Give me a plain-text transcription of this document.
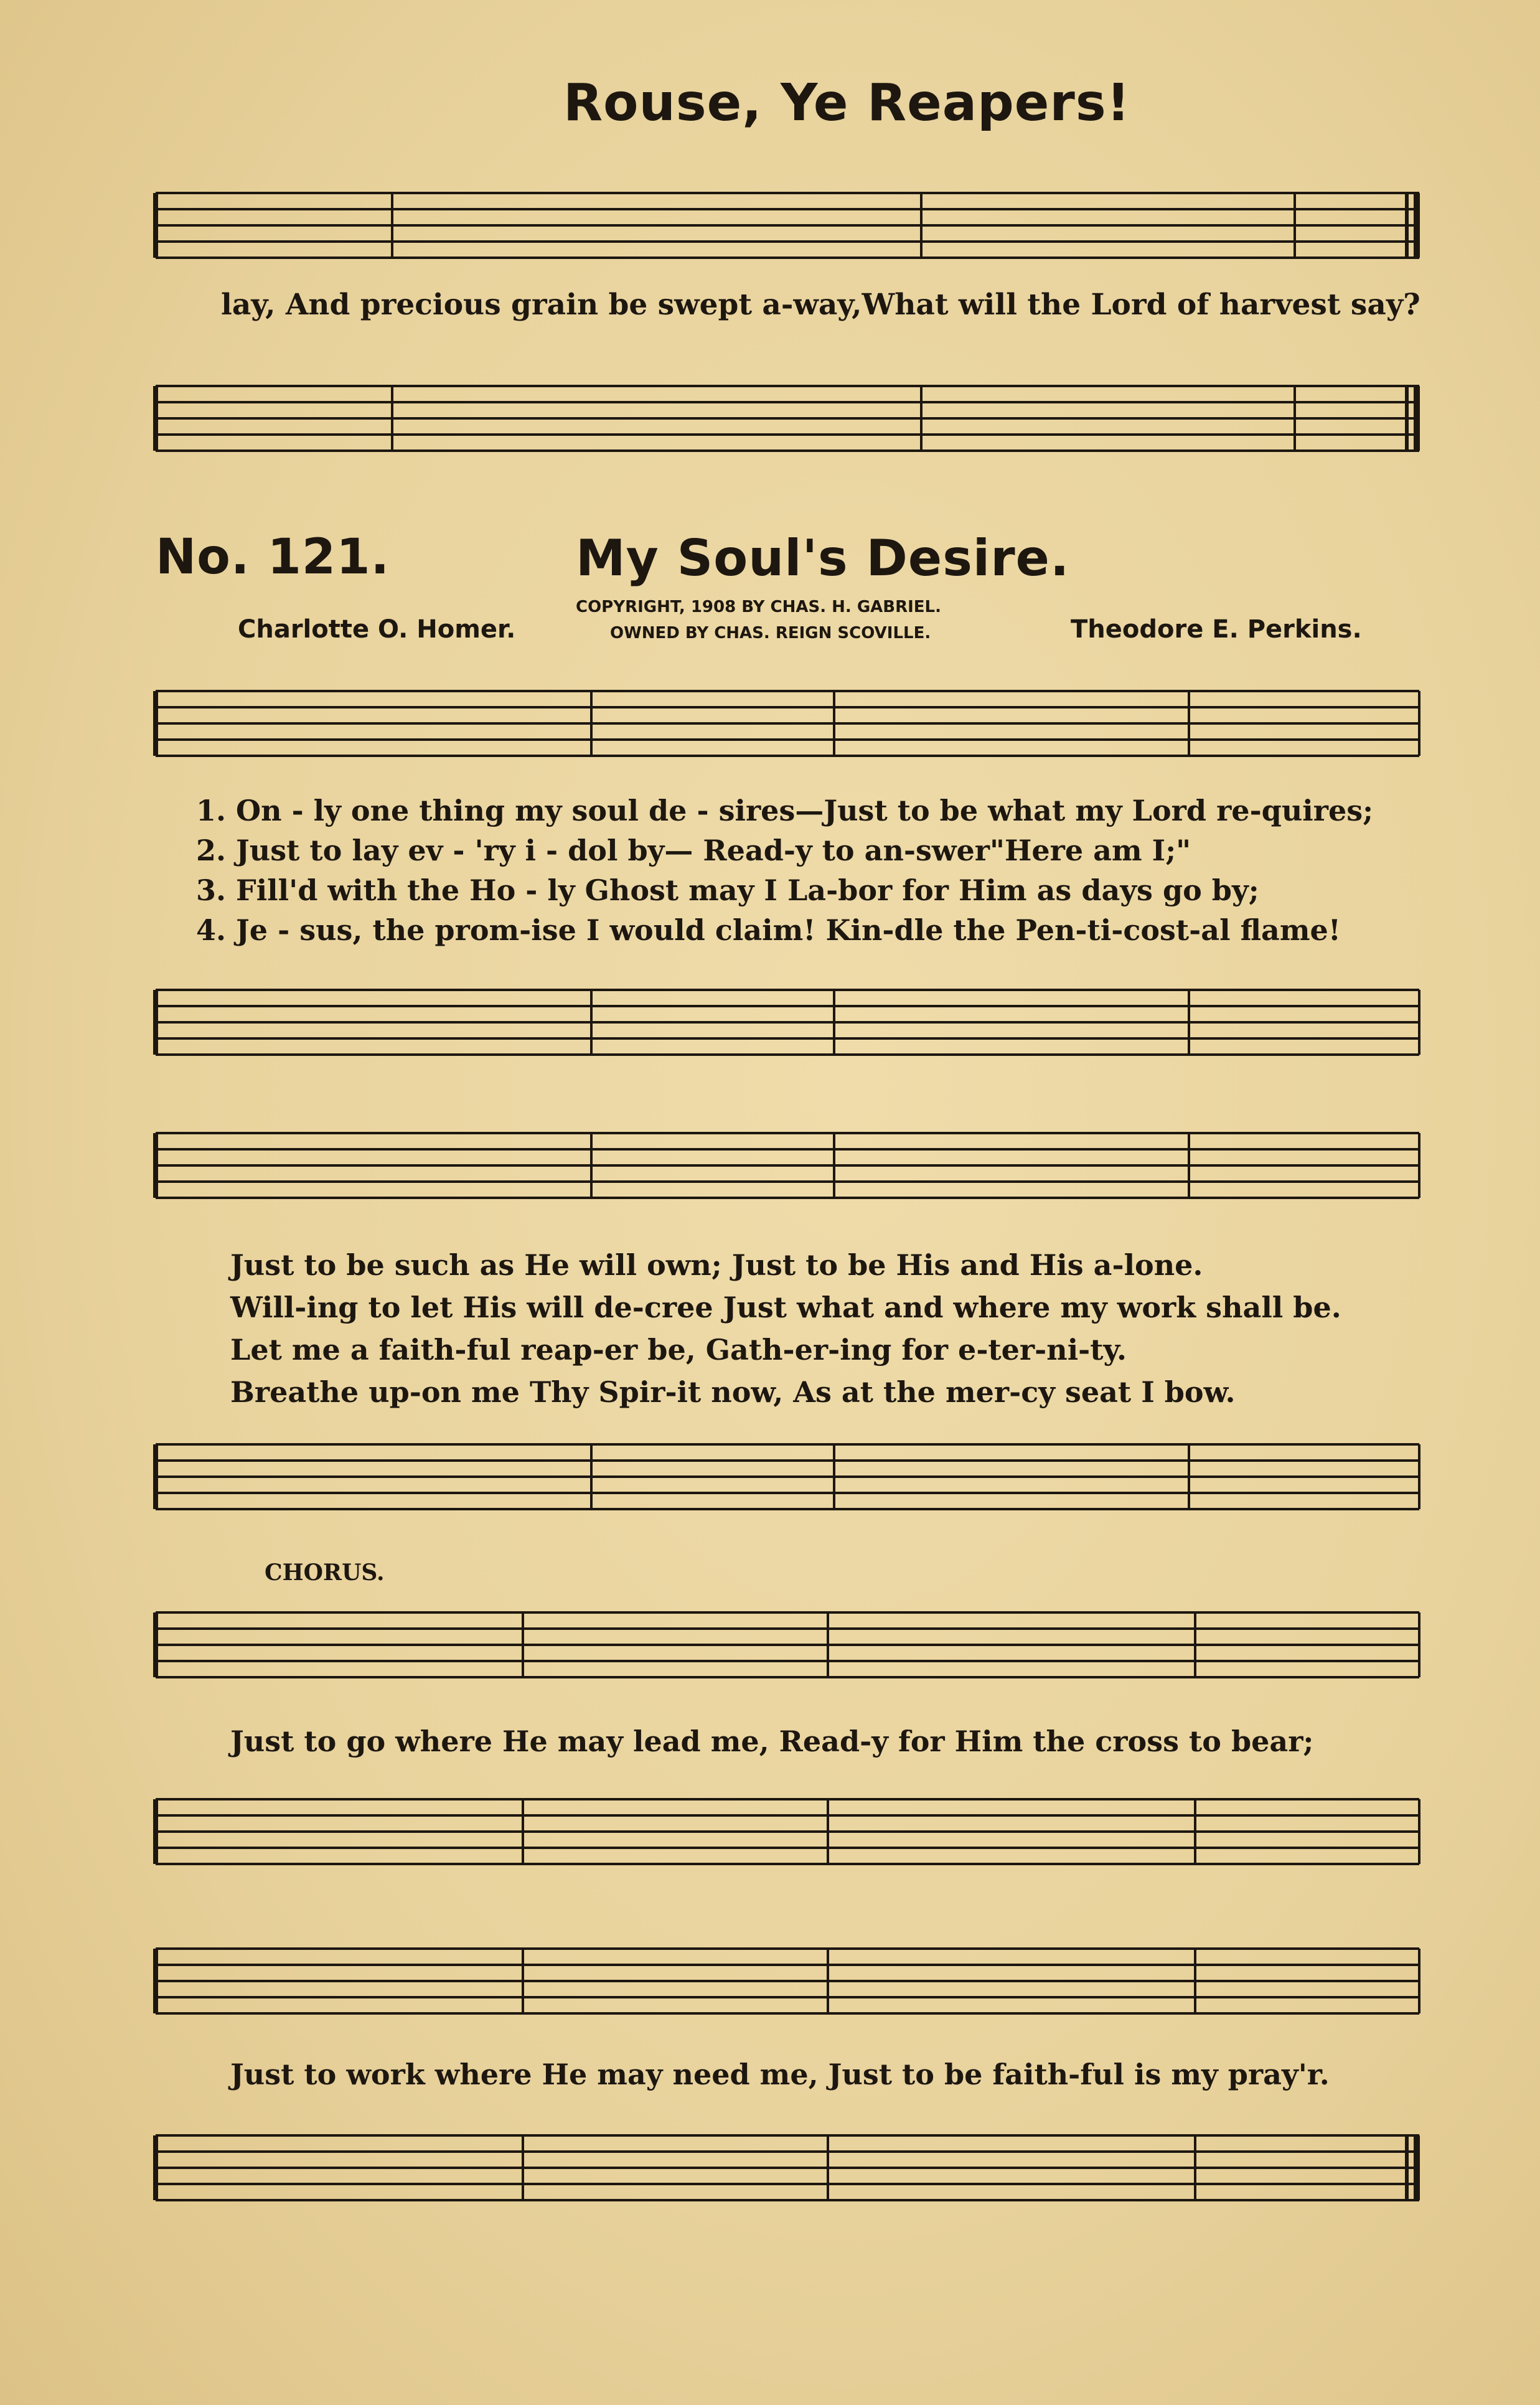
Rouse, Ye Reapers!
lay, And precious grain be swept a-way,What will the Lord of harvest say?
No. 121.	My Soul's Desire.
COPYRIGHT, 1908 BY CHAS. H. GABRIEL.
OWNED BY CHAS. REIGN SCOVILLE.
Charlotte O. Homer.	Theodore E. Perkins.
1. On - ly one thing my soul de - sires—Just to be what my Lord re-quires;
2. Just to lay ev - 'ry i - dol by— Read-y to an-swer"Here am I;"
3. Fill'd with the Ho - ly Ghost may I La-bor for Him as days go by;
4. Je - sus, the prom-ise I would claim! Kin-dle the Pen-ti-cost-al flame!
Just to be such as He will own; Just to be His and His a-lone.
Will-ing to let His will de-cree Just what and where my work shall be.
Let me a faith-ful reap-er be, Gath-er-ing for e-ter-ni-ty.
Breathe up-on me Thy Spir-it now, As at the mer-cy seat I bow.
CHORUS.
Just to go where He may lead me, Read-y for Him the cross to bear;
Just to work where He may need me, Just to be faith-ful is my pray'r.
